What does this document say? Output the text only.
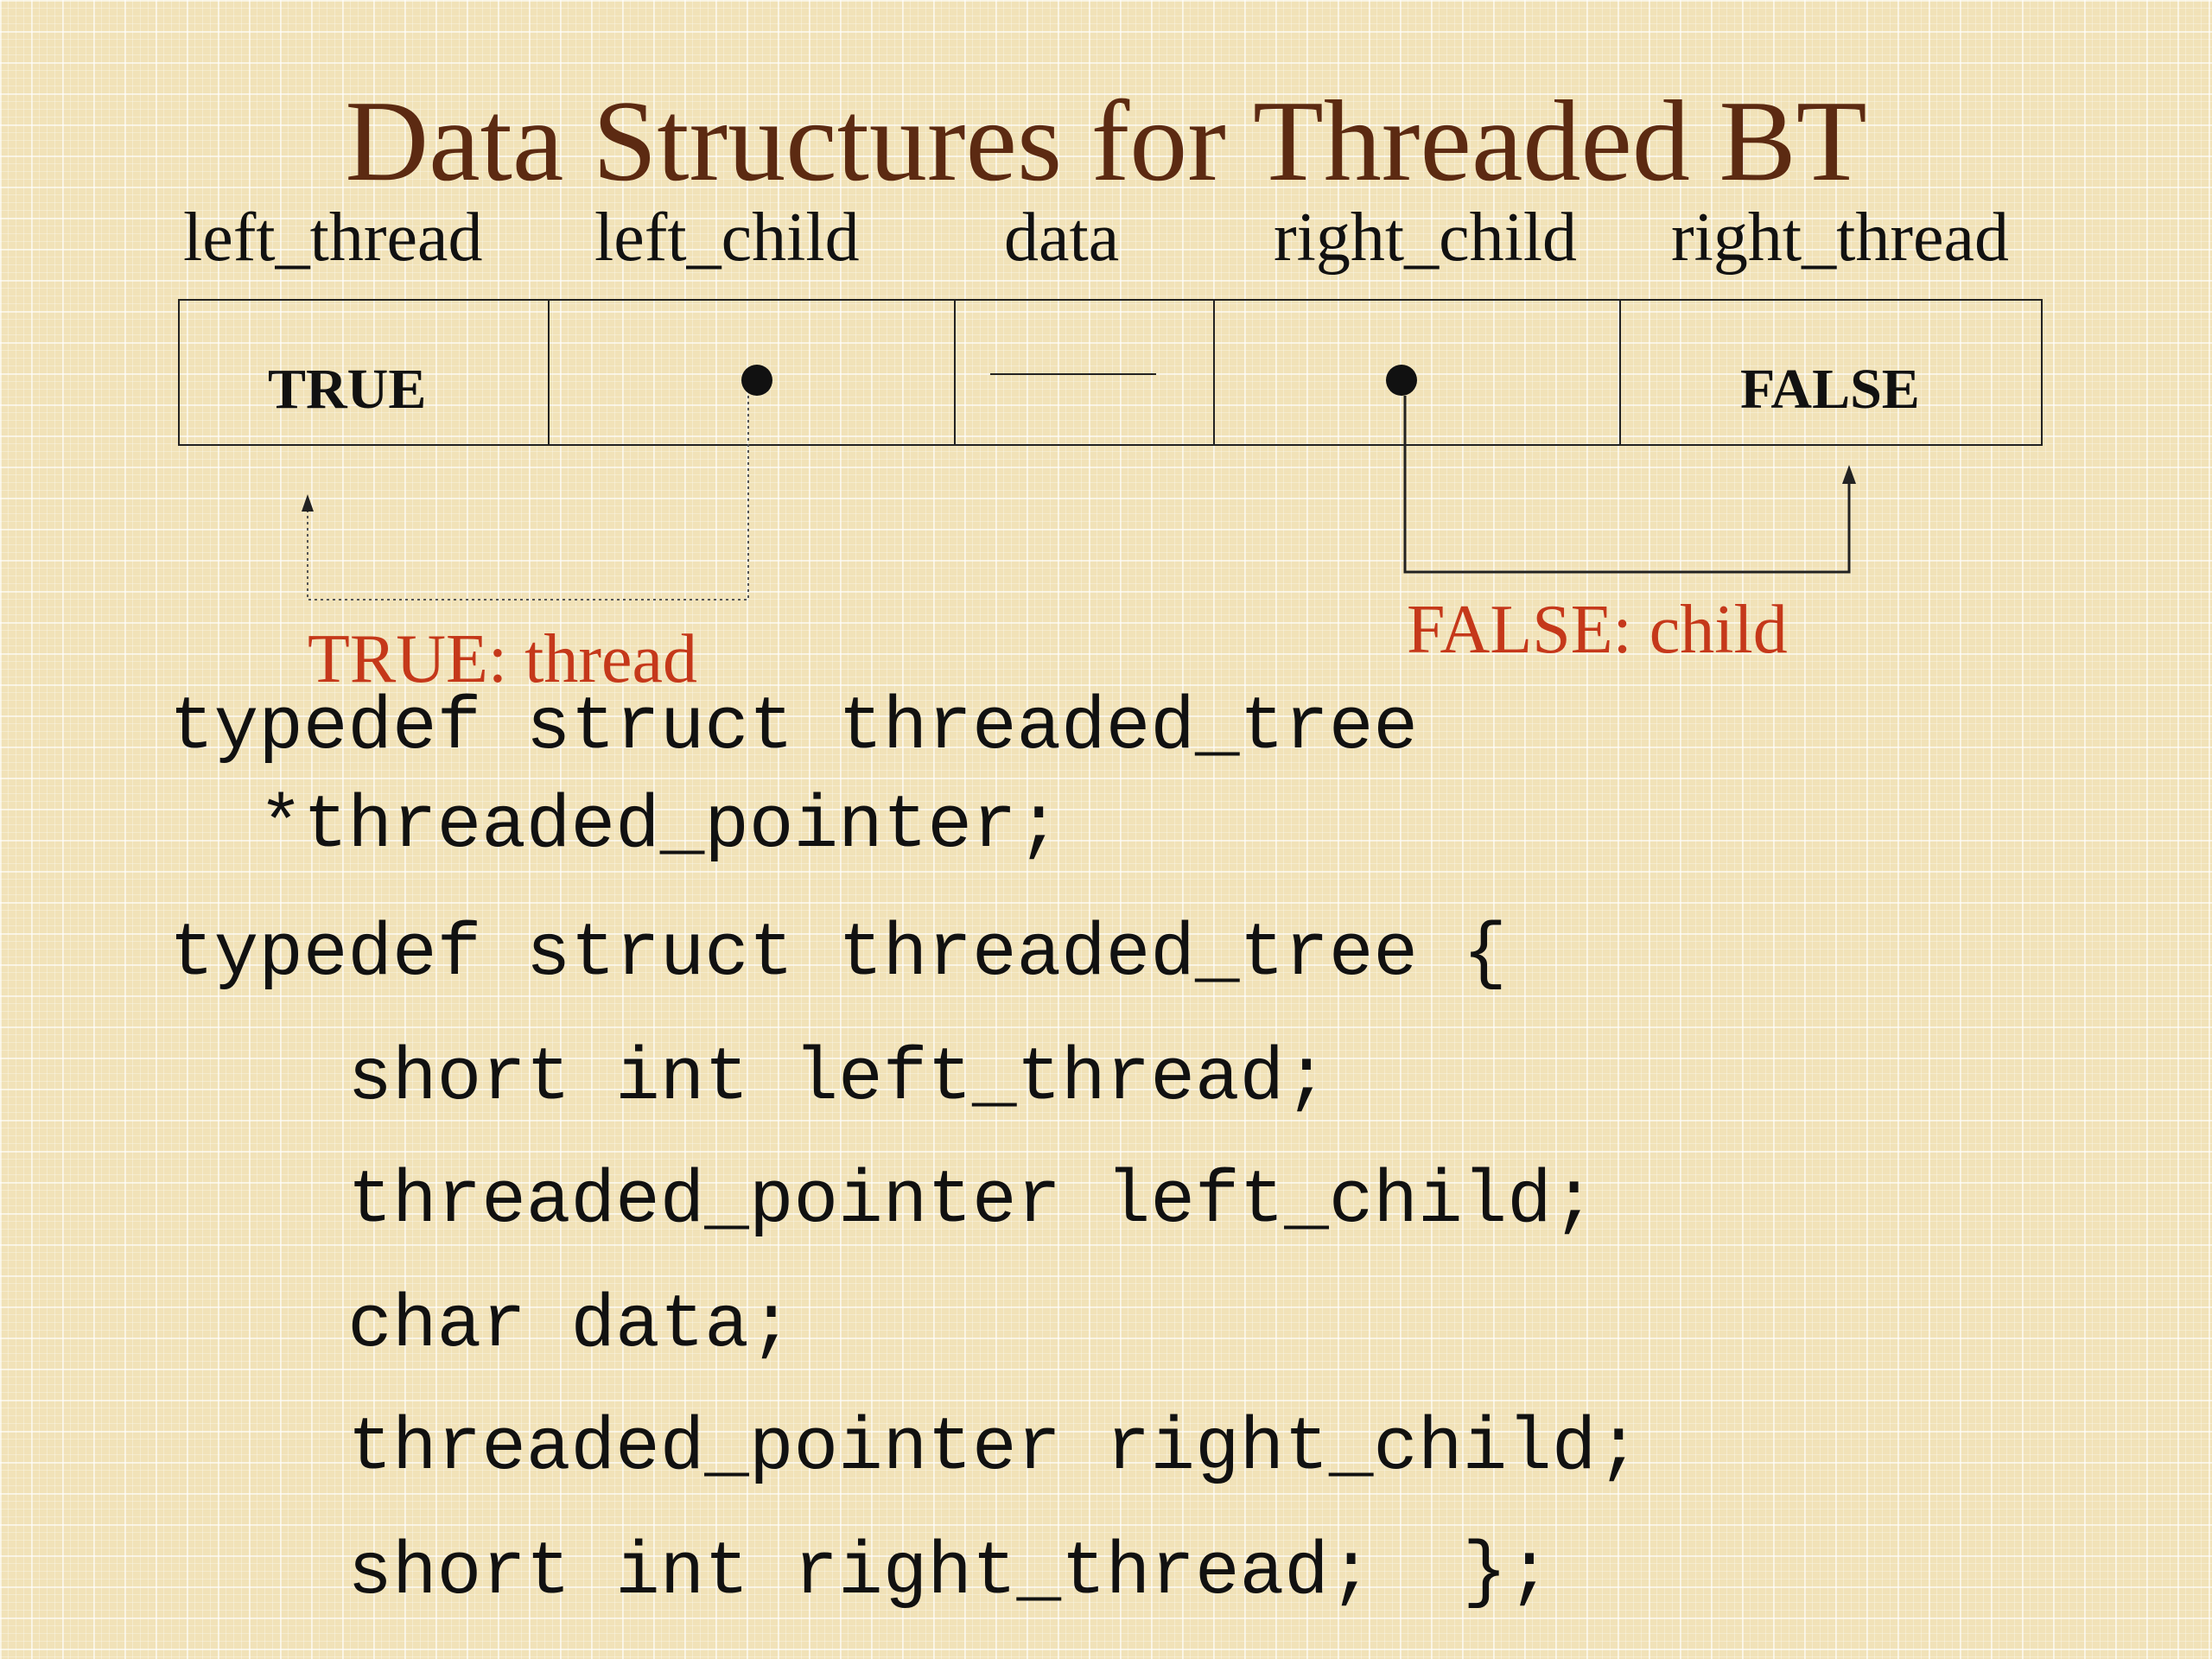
Data Structures for Threaded BT
left_thread left_child data right_child right_thread
TRUE	FALSE
TRUE: thread	FALSE: child
typedef struct threaded_tree
*threaded_pointer;
typedef struct threaded_tree {
short int left_thread;
threaded_pointer left_child;
char data;
threaded_pointer right_child;
short int right_thread;  };
